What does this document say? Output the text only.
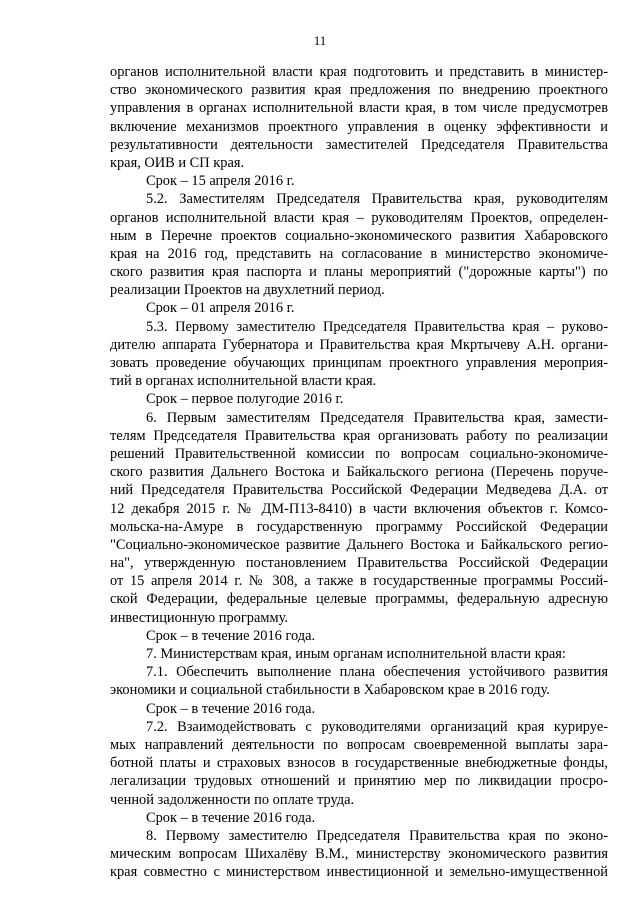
11
органов исполнительной власти края подготовить и представить в министер-
ство экономического развития края предложения по внедрению проектного
управления в органах исполнительной власти края, в том числе предусмотрев
включение механизмов проектного управления в оценку эффективности и
результативности деятельности заместителей Председателя Правительства
края, ОИВ и СП края.
Срок – 15 апреля 2016 г.
5.2. Заместителям Председателя Правительства края, руководителям
органов исполнительной власти края – руководителям Проектов, определен-
ным в Перечне проектов социально-экономического развития Хабаровского
края на 2016 год, представить на согласование в министерство экономиче-
ского развития края паспорта и планы мероприятий ("дорожные карты") по
реализации Проектов на двухлетний период.
Срок – 01 апреля 2016 г.
5.3. Первому заместителю Председателя Правительства края – руково-
дителю аппарата Губернатора и Правительства края Мкртычеву А.Н. органи-
зовать проведение обучающих принципам проектного управления мероприя-
тий в органах исполнительной власти края.
Срок – первое полугодие 2016 г.
6. Первым заместителям Председателя Правительства края, замести-
телям Председателя Правительства края организовать работу по реализации
решений Правительственной комиссии по вопросам социально-экономиче-
ского развития Дальнего Востока и Байкальского региона (Перечень поруче-
ний Председателя Правительства Российской Федерации Медведева Д.А. от
12 декабря 2015 г. № ДМ-П13-8410) в части включения объектов г. Комсо-
мольска-на-Амуре в государственную программу Российской Федерации
"Социально-экономическое развитие Дальнего Востока и Байкальского регио-
на", утвержденную постановлением Правительства Российской Федерации
от 15 апреля 2014 г. № 308, а также в государственные программы Россий-
ской Федерации, федеральные целевые программы, федеральную адресную
инвестиционную программу.
Срок – в течение 2016 года.
7. Министерствам края, иным органам исполнительной власти края:
7.1. Обеспечить выполнение плана обеспечения устойчивого развития
экономики и социальной стабильности в Хабаровском крае в 2016 году.
Срок – в течение 2016 года.
7.2. Взаимодействовать с руководителями организаций края курируе-
мых направлений деятельности по вопросам своевременной выплаты зара-
ботной платы и страховых взносов в государственные внебюджетные фонды,
легализации трудовых отношений и принятию мер по ликвидации просро-
ченной задолженности по оплате труда.
Срок – в течение 2016 года.
8. Первому заместителю Председателя Правительства края по эконо-
мическим вопросам Шихалёву В.М., министерству экономического развития
края совместно с министерством инвестиционной и земельно-имущественной
